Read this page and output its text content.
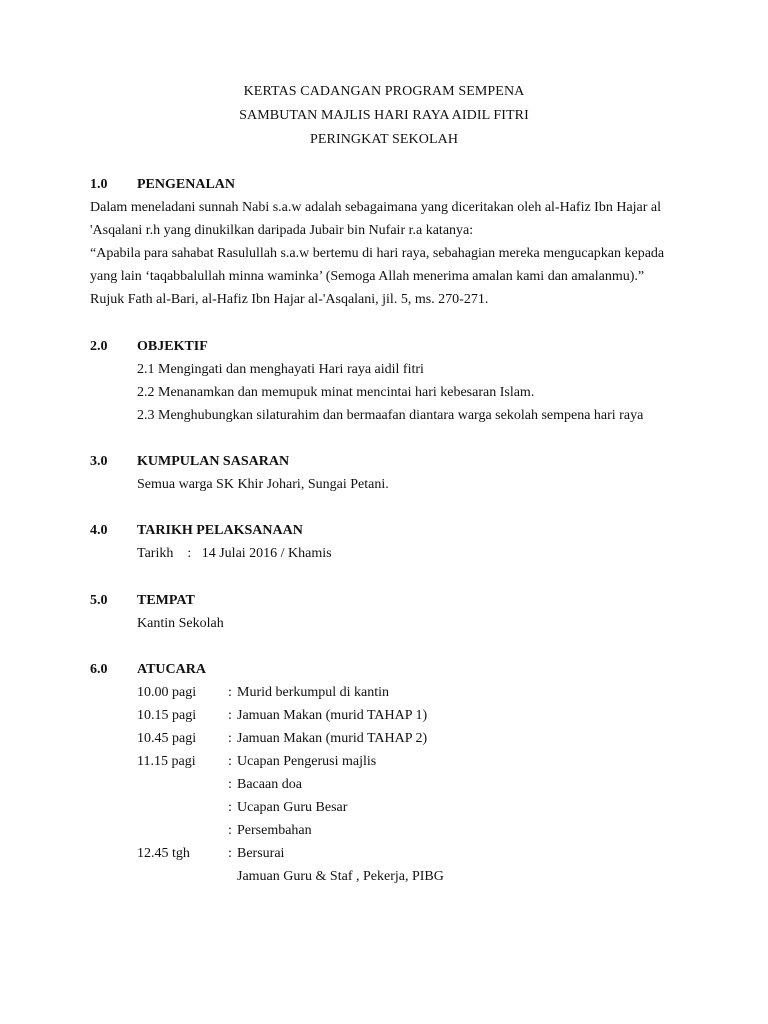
KERTAS CADANGAN PROGRAM SEMPENA
SAMBUTAN MAJLIS HARI RAYA AIDIL FITRI
PERINGKAT SEKOLAH
1.0 PENGENALAN
Dalam meneladani sunnah Nabi s.a.w adalah sebagaimana yang diceritakan oleh al-Hafiz Ibn Hajar al
'Asqalani r.h yang dinukilkan daripada Jubair bin Nufair r.a katanya:
“Apabila para sahabat Rasulullah s.a.w bertemu di hari raya, sebahagian mereka mengucapkan kepada
yang lain ‘taqabbalullah minna waminka’ (Semoga Allah menerima amalan kami dan amalanmu).”
Rujuk Fath al-Bari, al-Hafiz Ibn Hajar al-'Asqalani, jil. 5, ms. 270-271.
2.0 OBJEKTIF
2.1 Mengingati dan menghayati Hari raya aidil fitri
2.2 Menanamkan dan memupuk minat mencintai hari kebesaran Islam.
2.3 Menghubungkan silaturahim dan bermaafan diantara warga sekolah sempena hari raya
3.0 KUMPULAN SASARAN
Semua warga SK Khir Johari, Sungai Petani.
4.0 TARIKH PELAKSANAAN
Tarikh    :   14 Julai 2016 / Khamis
5.0 TEMPAT
Kantin Sekolah
6.0 ATUCARA
10.00 pagi : Murid berkumpul di kantin
10.15 pagi : Jamuan Makan (murid TAHAP 1)
10.45 pagi : Jamuan Makan (murid TAHAP 2)
11.15 pagi : Ucapan Pengerusi majlis
: Bacaan doa
: Ucapan Guru Besar
: Persembahan
12.45 tgh	: Bersurai
Jamuan Guru & Staf , Pekerja, PIBG
